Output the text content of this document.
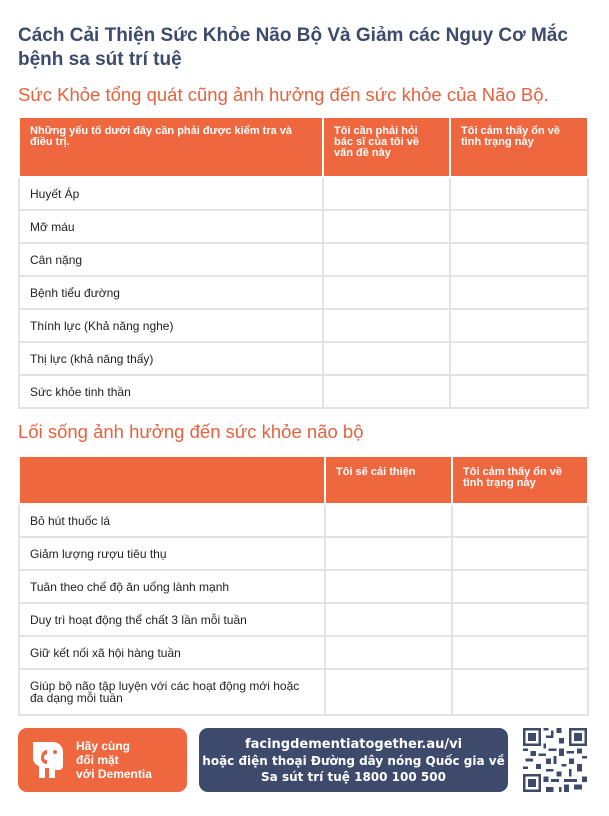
Cách Cải Thiện Sức Khỏe Não Bộ Và Giảm các Nguy Cơ Mắc bệnh sa sút trí tuệ
Sức Khỏe tổng quát cũng ảnh hưởng đến sức khỏe của Não Bộ.
Những yếu tố dưới đây cần phải được kiểm tra và điều trị.	Tôi cần phải hỏi bác sĩ của tôi về vấn đề này	Tôi cảm thấy ổn về tình trạng này
Huyết Áp		
Mỡ máu		
Cân nặng		
Bệnh tiểu đường		
Thính lực (Khả năng nghe)		
Thị lực (khả năng thấy)		
Sức khỏe tinh thần		
Lối sống ảnh hưởng đến sức khỏe não bộ
	Tôi sẽ cải thiện	Tôi cảm thấy ổn về tình trạng này
Bỏ hút thuốc lá		
Giảm lượng rượu tiêu thụ		
Tuân theo chế độ ăn uống lành mạnh		
Duy trì hoạt động thể chất 3 lần mỗi tuần		
Giữ kết nối xã hội hàng tuần		
Giúp bộ não tập luyện với các hoạt động mới hoặc đa dạng mỗi tuần		
Hãy cùng
đối mặt
với Dementia
facingdementiatogether.au/vi
hoặc điện thoại Đường dây nóng Quốc gia về Sa sút trí tuệ 1800 100 500
